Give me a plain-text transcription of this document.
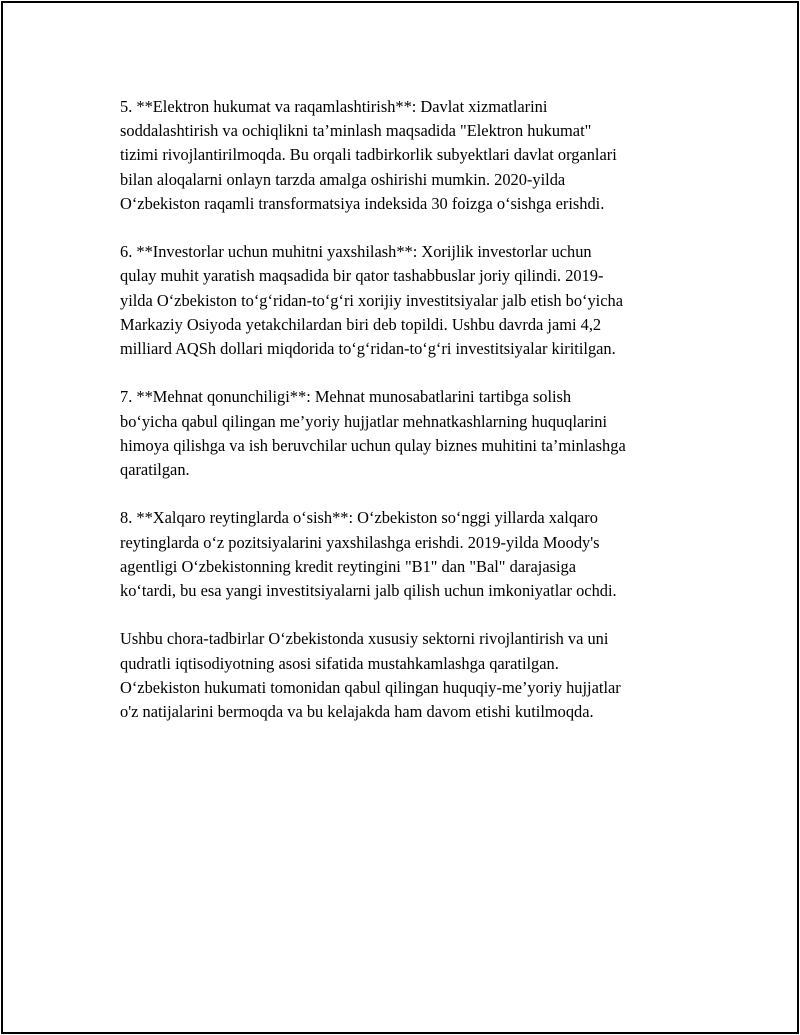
5. **Elektron hukumat va raqamlashtirish**: Davlat xizmatlarini
soddalashtirish va ochiqlikni ta’minlash maqsadida "Elektron hukumat"
tizimi rivojlantirilmoqda. Bu orqali tadbirkorlik subyektlari davlat organlari
bilan aloqalarni onlayn tarzda amalga oshirishi mumkin. 2020-yilda
O‘zbekiston raqamli transformatsiya indeksida 30 foizga o‘sishga erishdi.

6. **Investorlar uchun muhitni yaxshilash**: Xorijlik investorlar uchun
qulay muhit yaratish maqsadida bir qator tashabbuslar joriy qilindi. 2019-
yilda O‘zbekiston to‘g‘ridan-to‘g‘ri xorijiy investitsiyalar jalb etish bo‘yicha
Markaziy Osiyoda yetakchilardan biri deb topildi. Ushbu davrda jami 4,2
milliard AQSh dollari miqdorida to‘g‘ridan-to‘g‘ri investitsiyalar kiritilgan.

7. **Mehnat qonunchiligi**: Mehnat munosabatlarini tartibga solish
bo‘yicha qabul qilingan me’yoriy hujjatlar mehnatkashlarning huquqlarini
himoya qilishga va ish beruvchilar uchun qulay biznes muhitini ta’minlashga
qaratilgan.

8. **Xalqaro reytinglarda o‘sish**: O‘zbekiston so‘nggi yillarda xalqaro
reytinglarda o‘z pozitsiyalarini yaxshilashga erishdi. 2019-yilda Moody's
agentligi O‘zbekistonning kredit reytingini "B1" dan "Bal" darajasiga
ko‘tardi, bu esa yangi investitsiyalarni jalb qilish uchun imkoniyatlar ochdi.

Ushbu chora-tadbirlar O‘zbekistonda xususiy sektorni rivojlantirish va uni
qudratli iqtisodiyotning asosi sifatida mustahkamlashga qaratilgan.
O‘zbekiston hukumati tomonidan qabul qilingan huquqiy-me’yoriy hujjatlar
o'z natijalarini bermoqda va bu kelajakda ham davom etishi kutilmoqda.
